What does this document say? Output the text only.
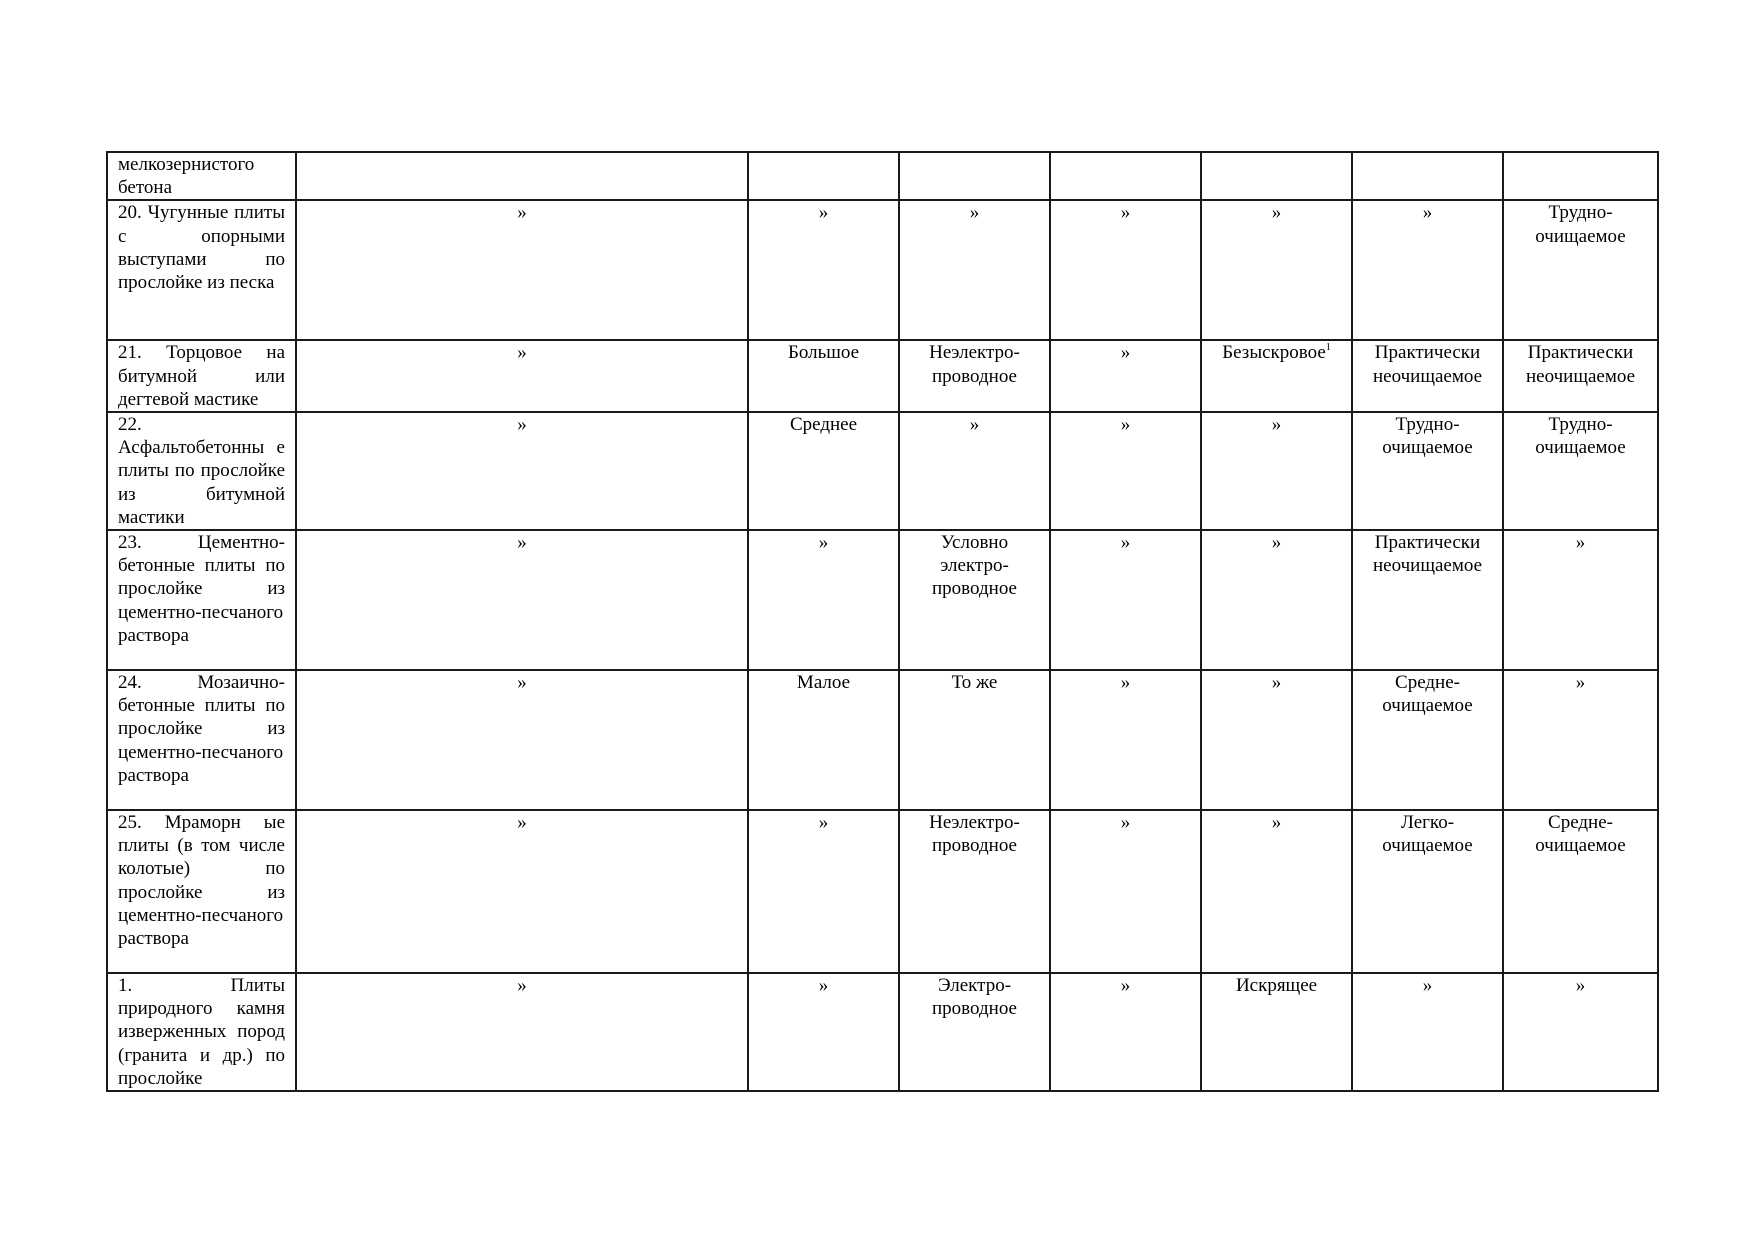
мелкозернистого
бетона							

20. Чугунные плиты с опорными выступами по прослойке из песка	»	»	»	»	»	»	Трудно-
очищаемое

21. Торцовое на битумной или дегтевой мастике	»	Большое	Неэлектро-
проводное	»	Безыскровое$^1$	Практически
неочищаемое	Практически
неочищаемое

22. Асфальтобетонны е плиты по прослойке из битумной мастики	»	Среднее	»	»	»	Трудно-
очищаемое	Трудно-
очищаемое

23. Цементно-бетонные плиты по прослойке из цементно-песчаного раствора	»	»	Условно
электро-
проводное	»	»	Практически
неочищаемое	»

24. Мозаично-бетонные плиты по прослойке из цементно-песчаного раствора	»	Малое	То же	»	»	Средне-
очищаемое	»

25. Мраморн ые плиты (в том числе колотые) по прослойке из цементно-песчаного раствора	»	»	Неэлектро-
проводное	»	»	Легко-
очищаемое	Средне-
очищаемое

1. Плиты природного камня изверженных пород (гранита и др.) по прослойке	»	»	Электро-
проводное	»	Искрящее	»	»
